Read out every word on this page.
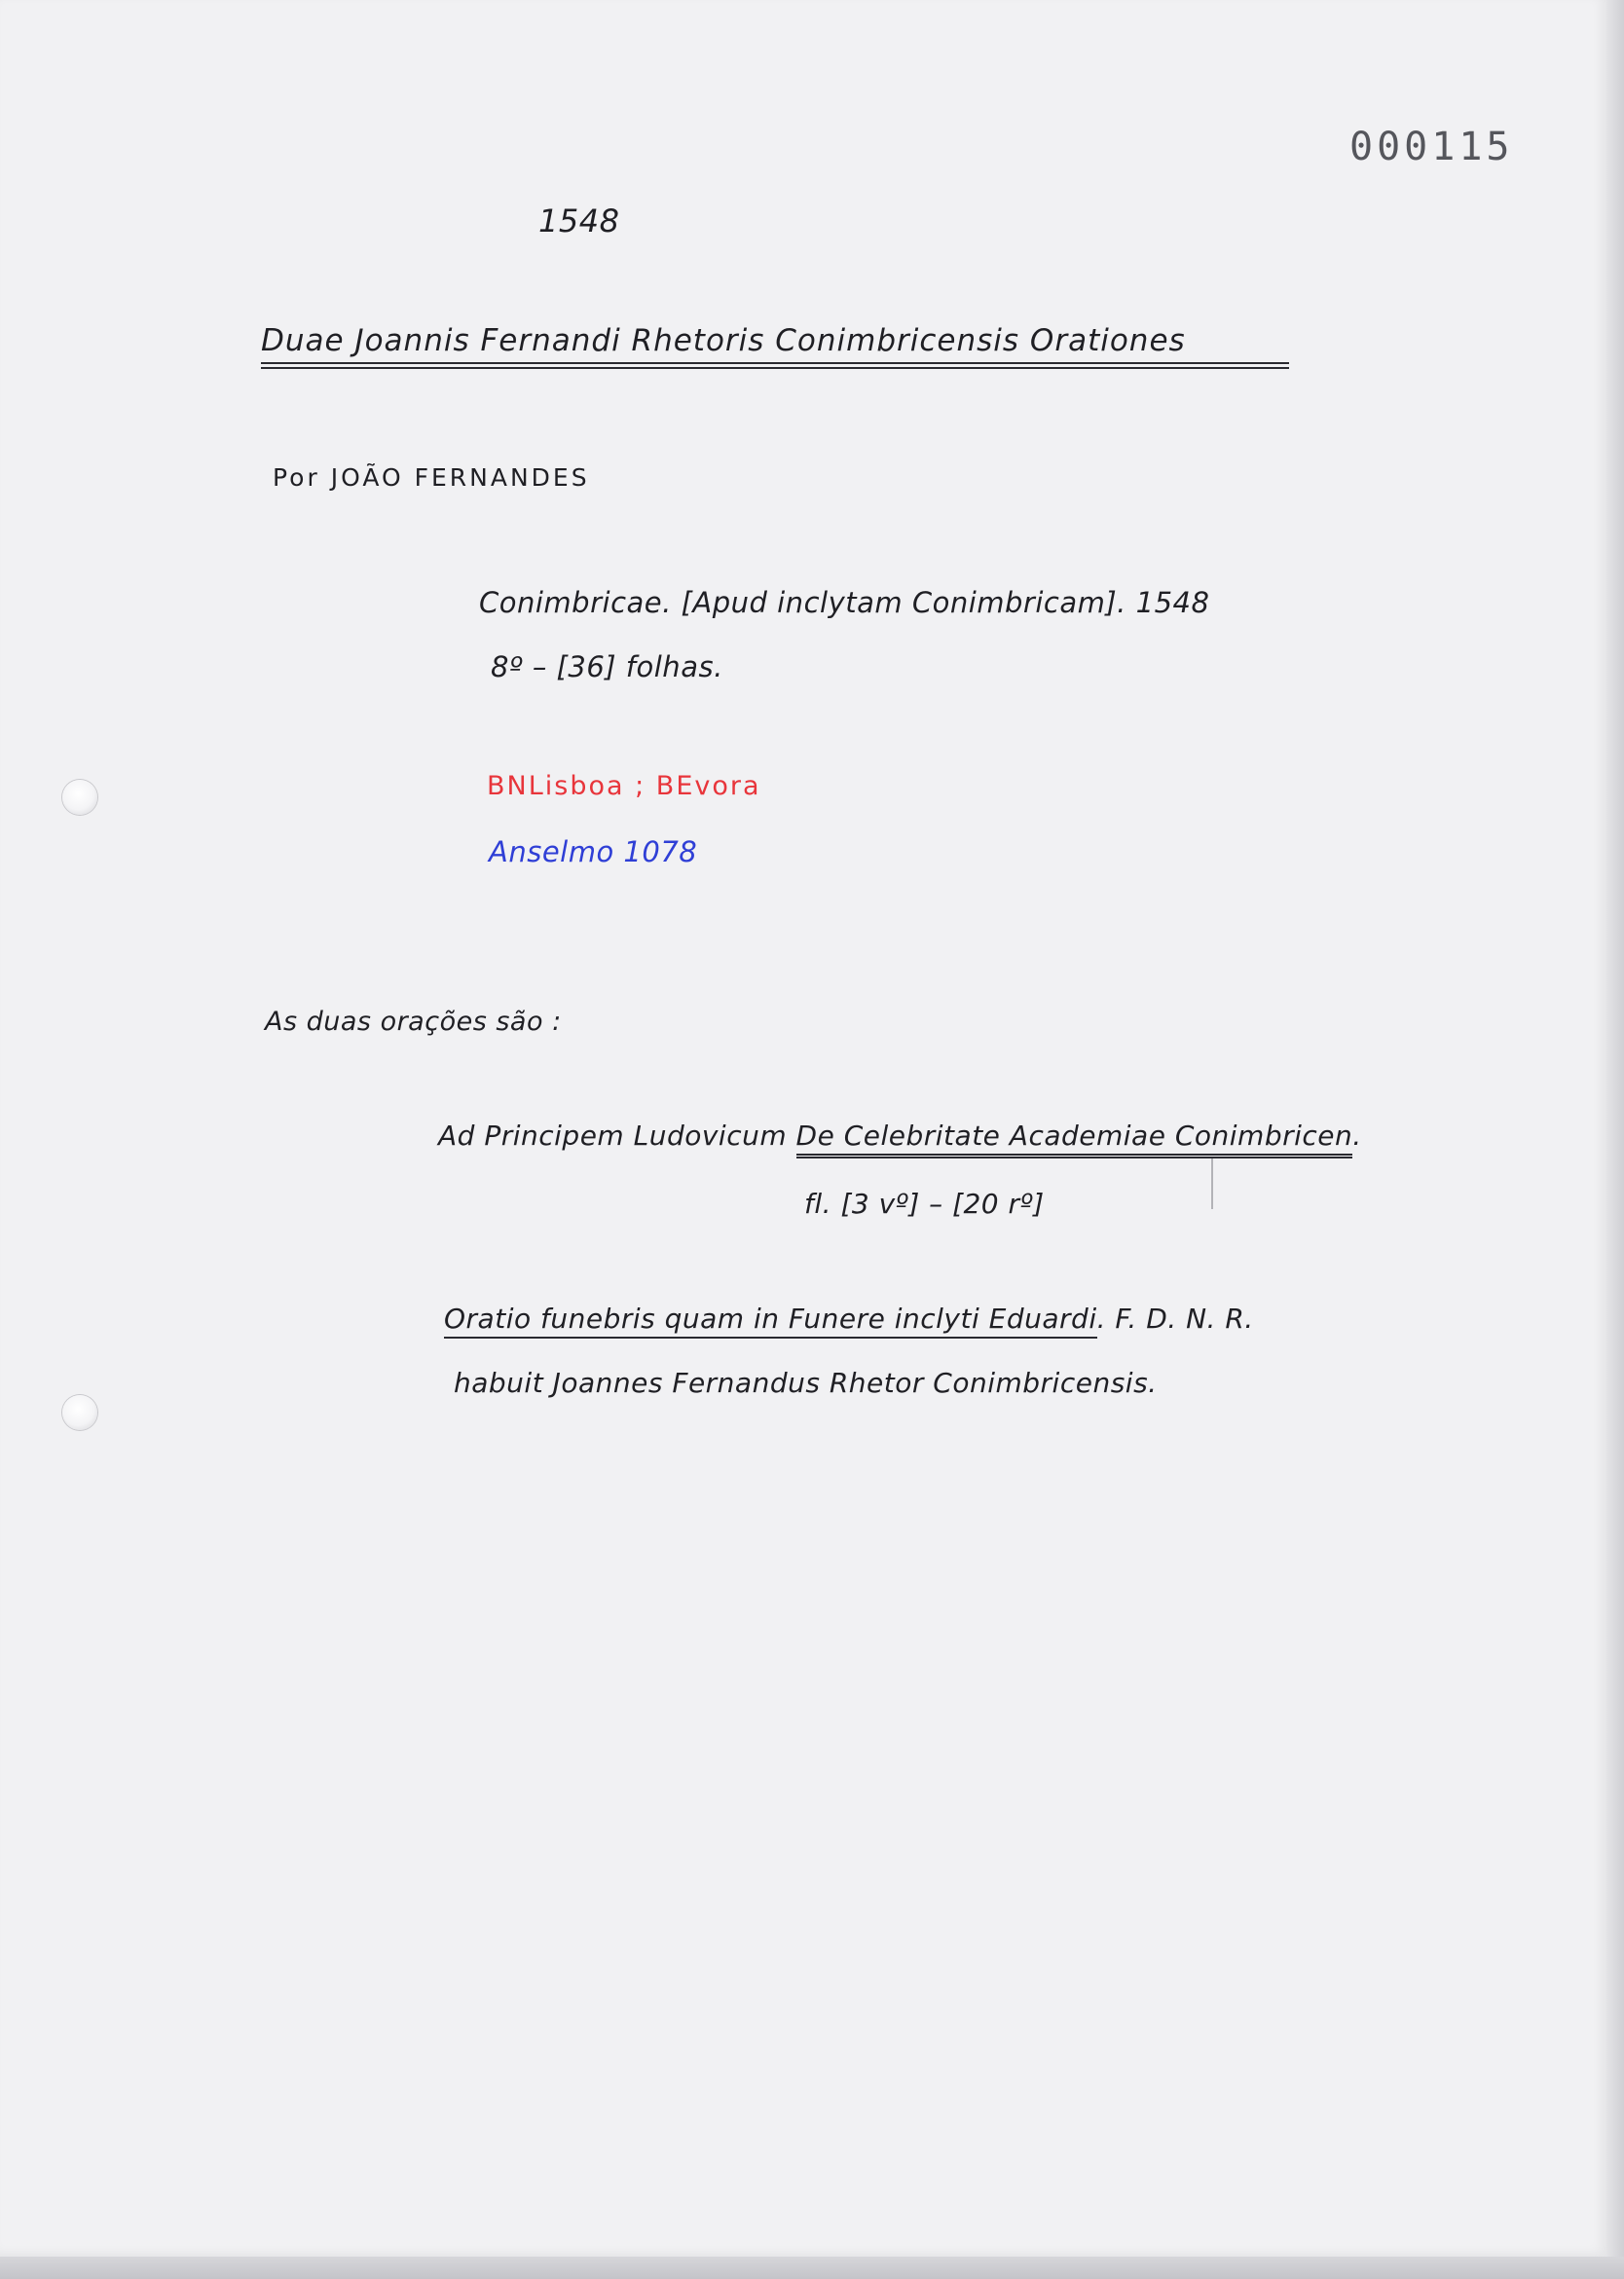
000115
1548
Duae Joannis Fernandi Rhetoris Conimbricensis Orationes
Por JOÃO FERNANDES
Conimbricae. [Apud inclytam Conimbricam]. 1548
8º – [36] folhas.
BNLisboa ; BEvora
Anselmo 1078
As duas orações são :
Ad Principem Ludovicum De Celebritate Academiae Conimbricen.
fl. [3 vº] – [20 rº]
Oratio funebris quam in Funere inclyti Eduardi. F. D. N. R.
habuit Joannes Fernandus Rhetor Conimbricensis.
